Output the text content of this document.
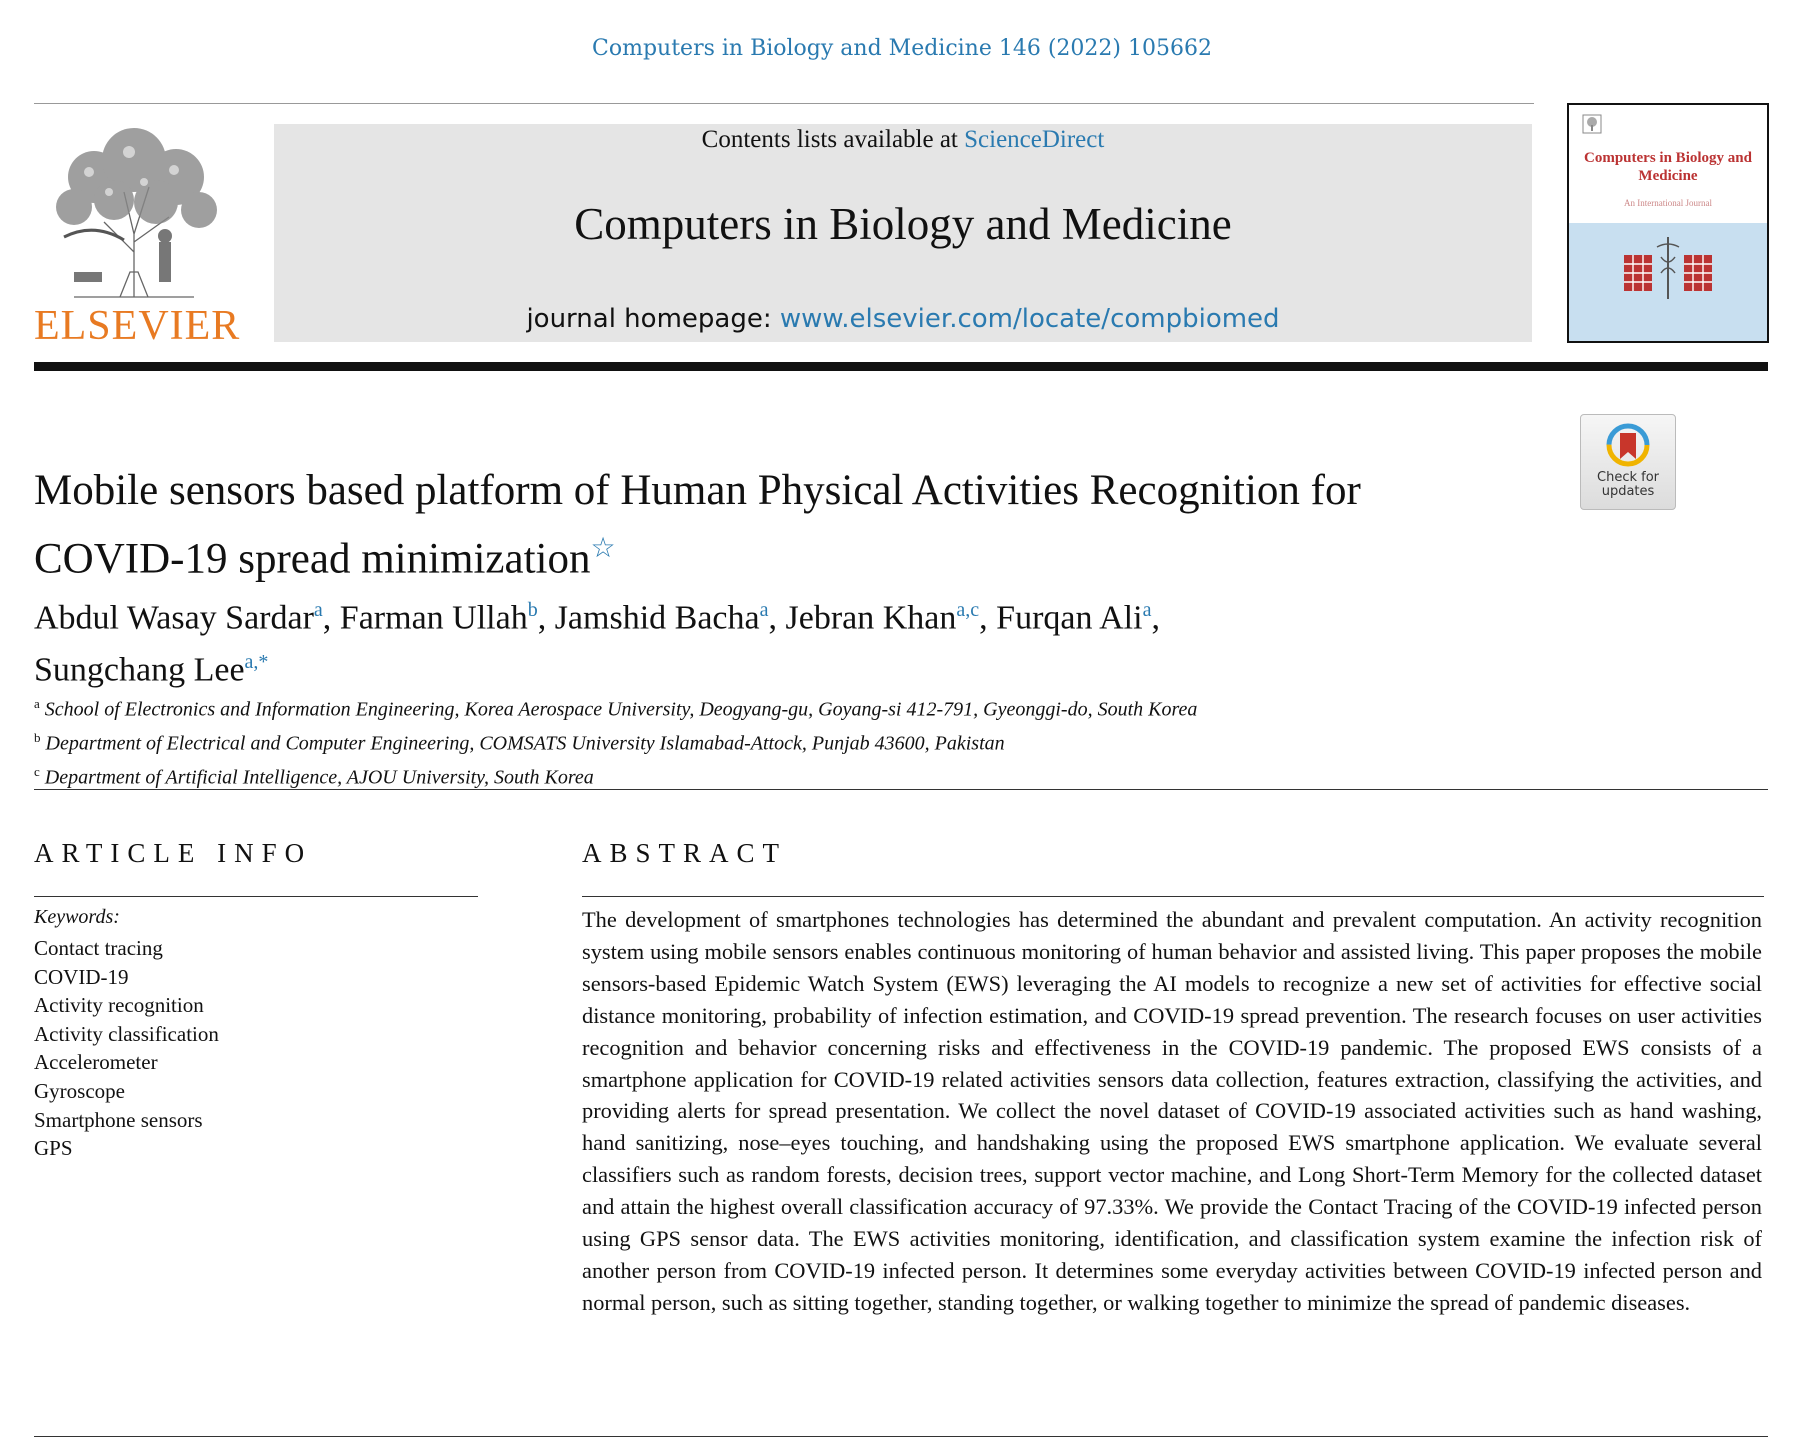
Computers in Biology and Medicine 146 (2022) 105662
ELSEVIER
Contents lists available at ScienceDirect
Computers in Biology and Medicine
journal homepage: www.elsevier.com/locate/compbiomed
Computers in Biology and Medicine
An International Journal
Check for
updates
Mobile sensors based platform of Human Physical Activities Recognition for
COVID-19 spread minimization☆
Abdul Wasay Sardar$^a$, Farman Ullah$^b$, Jamshid Bacha$^a$, Jebran Khan$^{a,c}$, Furqan Ali$^a$,
Sungchang Lee$^{a,*}$
$^a$ School of Electronics and Information Engineering, Korea Aerospace University, Deogyang-gu, Goyang-si 412-791, Gyeonggi-do, South Korea
$^b$ Department of Electrical and Computer Engineering, COMSATS University Islamabad-Attock, Punjab 43600, Pakistan
$^c$ Department of Artificial Intelligence, AJOU University, South Korea
ARTICLE INFO	ABSTRACT
Keywords:
Contact tracing
COVID-19
Activity recognition
Activity classification
Accelerometer
Gyroscope
Smartphone sensors
GPS
The development of smartphones technologies has determined the abundant and prevalent computation. An activity recognition system using mobile sensors enables continuous monitoring of human behavior and assisted living. This paper proposes the mobile sensors-based Epidemic Watch System (EWS) leveraging the AI models to recognize a new set of activities for effective social distance monitoring, probability of infection estimation, and COVID-19 spread prevention. The research focuses on user activities recognition and behavior concerning risks and effectiveness in the COVID-19 pandemic. The proposed EWS consists of a smartphone application for COVID-19 related activities sensors data collection, features extraction, classifying the activities, and providing alerts for spread presentation. We collect the novel dataset of COVID-19 associated activities such as hand washing, hand sanitizing, nose–eyes touching, and handshaking using the proposed EWS smartphone application. We evaluate several classifiers such as random forests, decision trees, support vector machine, and Long Short-Term Memory for the collected dataset and attain the highest overall classification accuracy of 97.33%. We provide the Contact Tracing of the COVID-19 infected person using GPS sensor data. The EWS activities monitoring, identification, and classification system examine the infection risk of another person from COVID-19 infected person. It determines some everyday activities between COVID-19 infected person and normal person, such as sitting together, standing together, or walking together to minimize the spread of pandemic diseases.
